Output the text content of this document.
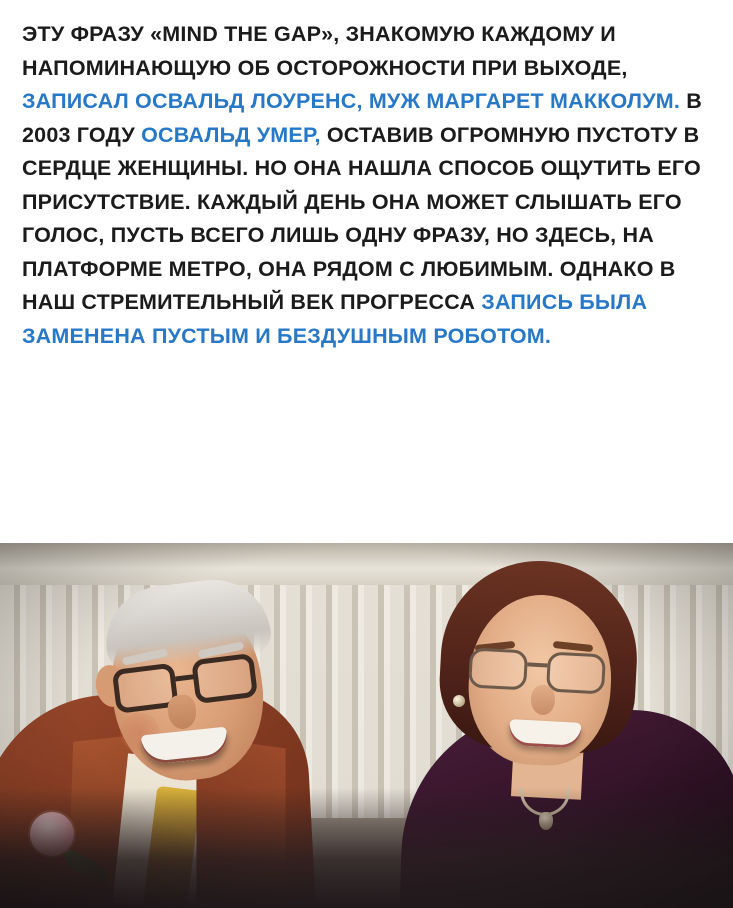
ЭТУ ФРАЗУ «MIND THE GAP», ЗНАКОМУЮ КАЖДОМУ И НАПОМИНАЮЩУЮ ОБ ОСТОРОЖНОСТИ ПРИ ВЫХОДЕ, ЗАПИСАЛ ОСВАЛЬД ЛОУРЕНС, МУЖ МАРГАРЕТ МАККОЛУМ. В 2003 ГОДУ ОСВАЛЬД УМЕР, ОСТАВИВ ОГРОМНУЮ ПУСТОТУ В СЕРДЦЕ ЖЕНЩИНЫ. НО ОНА НАШЛА СПОСОБ ОЩУТИТЬ ЕГО ПРИСУТСТВИЕ. КАЖДЫЙ ДЕНЬ ОНА МОЖЕТ СЛЫШАТЬ ЕГО ГОЛОС, ПУСТЬ ВСЕГО ЛИШЬ ОДНУ ФРАЗУ, НО ЗДЕСЬ, НА ПЛАТФОРМЕ МЕТРО, ОНА РЯДОМ С ЛЮБИМЫМ. ОДНАКО В НАШ СТРЕМИТЕЛЬНЫЙ ВЕК ПРОГРЕССА ЗАПИСЬ БЫЛА ЗАМЕНЕНА ПУСТЫМ И БЕЗДУШНЫМ РОБОТОМ.
